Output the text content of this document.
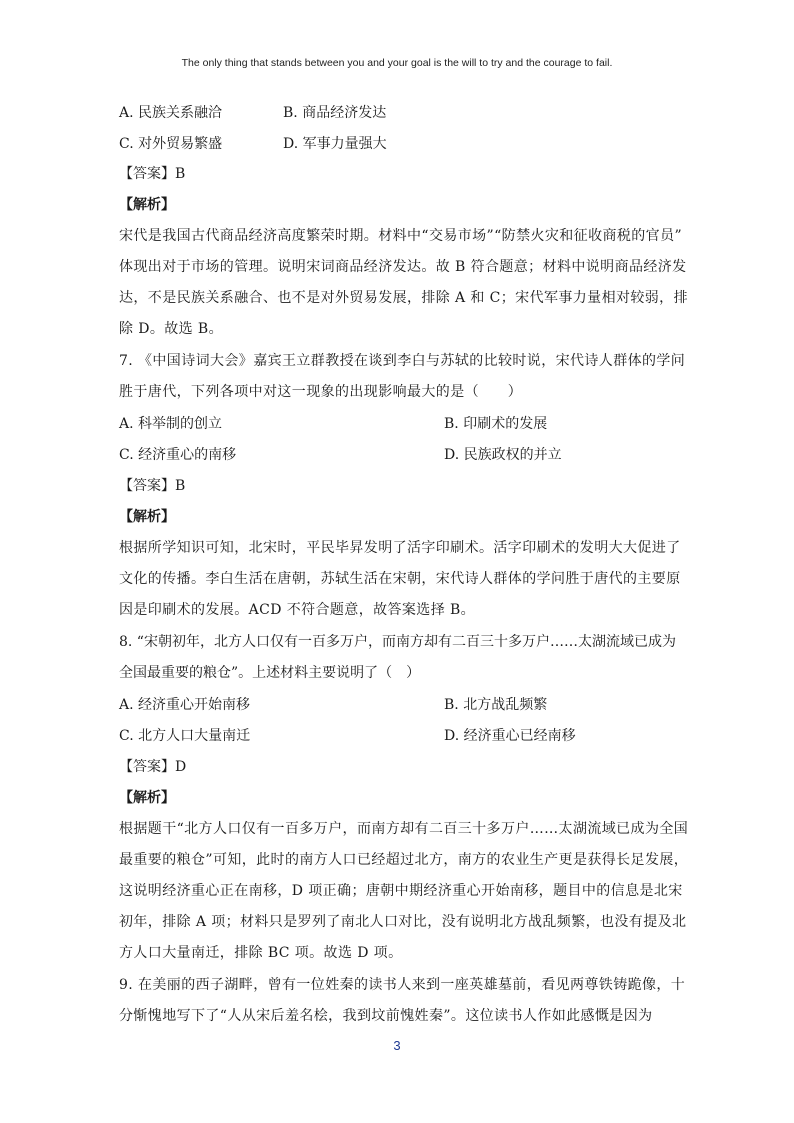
The only thing that stands between you and your goal is the will to try and the courage to fail.
A. 民族关系融洽	B. 商品经济发达
C. 对外贸易繁盛	D. 军事力量强大
【答案】B
【解析】
宋代是我国古代商品经济高度繁荣时期。材料中“交易市场”“防禁火灾和征收商税的官员”
体现出对于市场的管理。说明宋词商品经济发达。故 B 符合题意；材料中说明商品经济发
达，不是民族关系融合、也不是对外贸易发展，排除 A 和 C；宋代军事力量相对较弱，排
除 D。故选 B。
7. 《中国诗词大会》嘉宾王立群教授在谈到李白与苏轼的比较时说，宋代诗人群体的学问
胜于唐代，下列各项中对这一现象的出现影响最大的是（　　）
A. 科举制的创立	B. 印刷术的发展
C. 经济重心的南移	D. 民族政权的并立
【答案】B
【解析】
根据所学知识可知，北宋时，平民毕昇发明了活字印刷术。活字印刷术的发明大大促进了
文化的传播。李白生活在唐朝，苏轼生活在宋朝，宋代诗人群体的学问胜于唐代的主要原
因是印刷术的发展。ACD 不符合题意，故答案选择 B。
8. “宋朝初年，北方人口仅有一百多万户，而南方却有二百三十多万户……太湖流域已成为
全国最重要的粮仓”。上述材料主要说明了（　）
A. 经济重心开始南移	B. 北方战乱频繁
C. 北方人口大量南迁	D. 经济重心已经南移
【答案】D
【解析】
根据题干“北方人口仅有一百多万户，而南方却有二百三十多万户……太湖流域已成为全国
最重要的粮仓”可知，此时的南方人口已经超过北方，南方的农业生产更是获得长足发展，
这说明经济重心正在南移，D 项正确；唐朝中期经济重心开始南移，题目中的信息是北宋
初年，排除 A 项；材料只是罗列了南北人口对比，没有说明北方战乱频繁，也没有提及北
方人口大量南迁，排除 BC 项。故选 D 项。
9. 在美丽的西子湖畔，曾有一位姓秦的读书人来到一座英雄墓前，看见两尊铁铸跪像，十
分惭愧地写下了“人从宋后羞名桧，我到坟前愧姓秦”。这位读书人作如此感慨是因为
3
